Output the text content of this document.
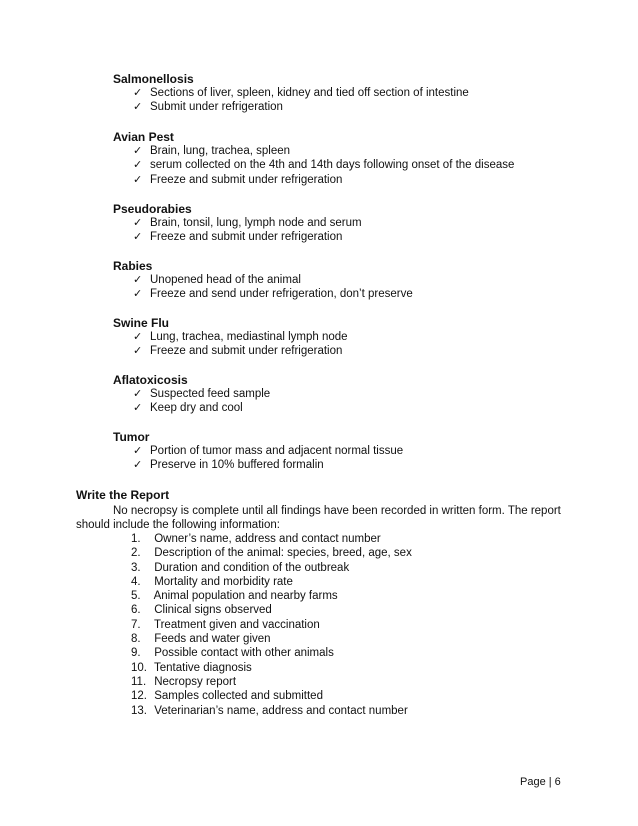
Salmonellosis
✓ Sections of liver, spleen, kidney and tied off section of intestine
✓ Submit under refrigeration
Avian Pest
✓ Brain, lung, trachea, spleen
✓ serum collected on the 4th and 14th days following onset of the disease
✓ Freeze and submit under refrigeration
Pseudorabies
✓ Brain, tonsil, lung, lymph node and serum
✓ Freeze and submit under refrigeration
Rabies
✓ Unopened head of the animal
✓ Freeze and send under refrigeration, don’t preserve
Swine Flu
✓ Lung, trachea, mediastinal lymph node
✓ Freeze and submit under refrigeration
Aflatoxicosis
✓ Suspected feed sample
✓ Keep dry and cool
Tumor
✓ Portion of tumor mass and adjacent normal tissue
✓ Preserve in 10% buffered formalin
Write the Report
No necropsy is complete until all findings have been recorded in written form. The report
should include the following information:
1. Owner’s name, address and contact number
2. Description of the animal: species, breed, age, sex
3. Duration and condition of the outbreak
4. Mortality and morbidity rate
5. Animal population and nearby farms
6. Clinical signs observed
7. Treatment given and vaccination
8. Feeds and water given
9. Possible contact with other animals
10. Tentative diagnosis
11. Necropsy report
12. Samples collected and submitted
13. Veterinarian’s name, address and contact number
Page | 6
